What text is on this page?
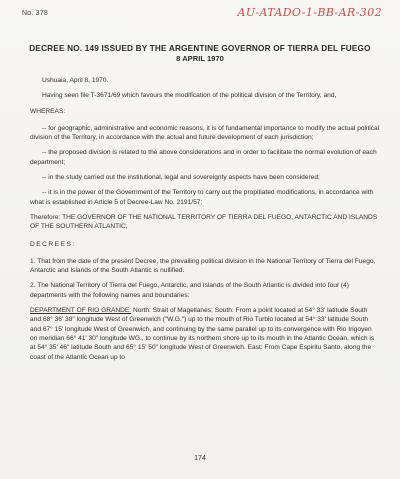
No. 378	AU-ATADO-1-BB-AR-302
DECREE NO. 149 ISSUED BY THE ARGENTINE GOVERNOR OF TIERRA DEL FUEGO
8 APRIL 1970

Ushuaia, April 8, 1970.

Having seen file T-3671/69 which favours the modification of the political division of the Territory, and,

WHEREAS:

-- for geographic, administrative and economic reasons, it is of fundamental importance to modify the actual political division of the Territory, in accordance with the actual and future development of each jurisdiction;

-- the proposed division is related to the above considerations and in order to facilitate the normal evolution of each department;

-- in the study carried out the institutional, legal and sovereignty aspects have been considered;

-- it is in the power of the Government of the Territory to carry out the propitiated modifications, in accordance with what is established in Article 5 of Decree-Law No. 2191/57;

Therefore: THE GOVERNOR OF THE NATIONAL TERRITORY OF TIERRA DEL FUEGO, ANTARCTIC AND ISLANDS OF THE SOUTHERN ATLANTIC,

DECREES:

1. That from the date of the present Decree, the prevailing political division in the National Territory of Tierra del Fuego, Antarctic and Islands of the South Atlantic is nullified.

2. The National Territory of Tierra del Fuego, Antarctic, and Islands of the South Atlantic is divided into four (4) departments with the following names and boundaries:

DEPARTMENT OF RIO GRANDE: North: Strait of Magellanes; South: From a point located at 54° 33' latitude South and 68° 36' 38" longitude West of Greenwich ("W.G.") up to the mouth of Rio Turbio located at 54° 33' latitude South and 67° 15' longitude West of Greenwich, and continuing by the same parallel up to its convergence with Rio Irigoyen on meridian 66° 41' 30" longitude WG., to continue by its northern shore up to its mouth in the Atlantic Ocean, which is at 54° 35' 46" latitude South and 65° 15' 50" longitude West of Greenwich. East: From Cape Espiritu Santo, along the coast of the Atlantic Ocean up to

174
